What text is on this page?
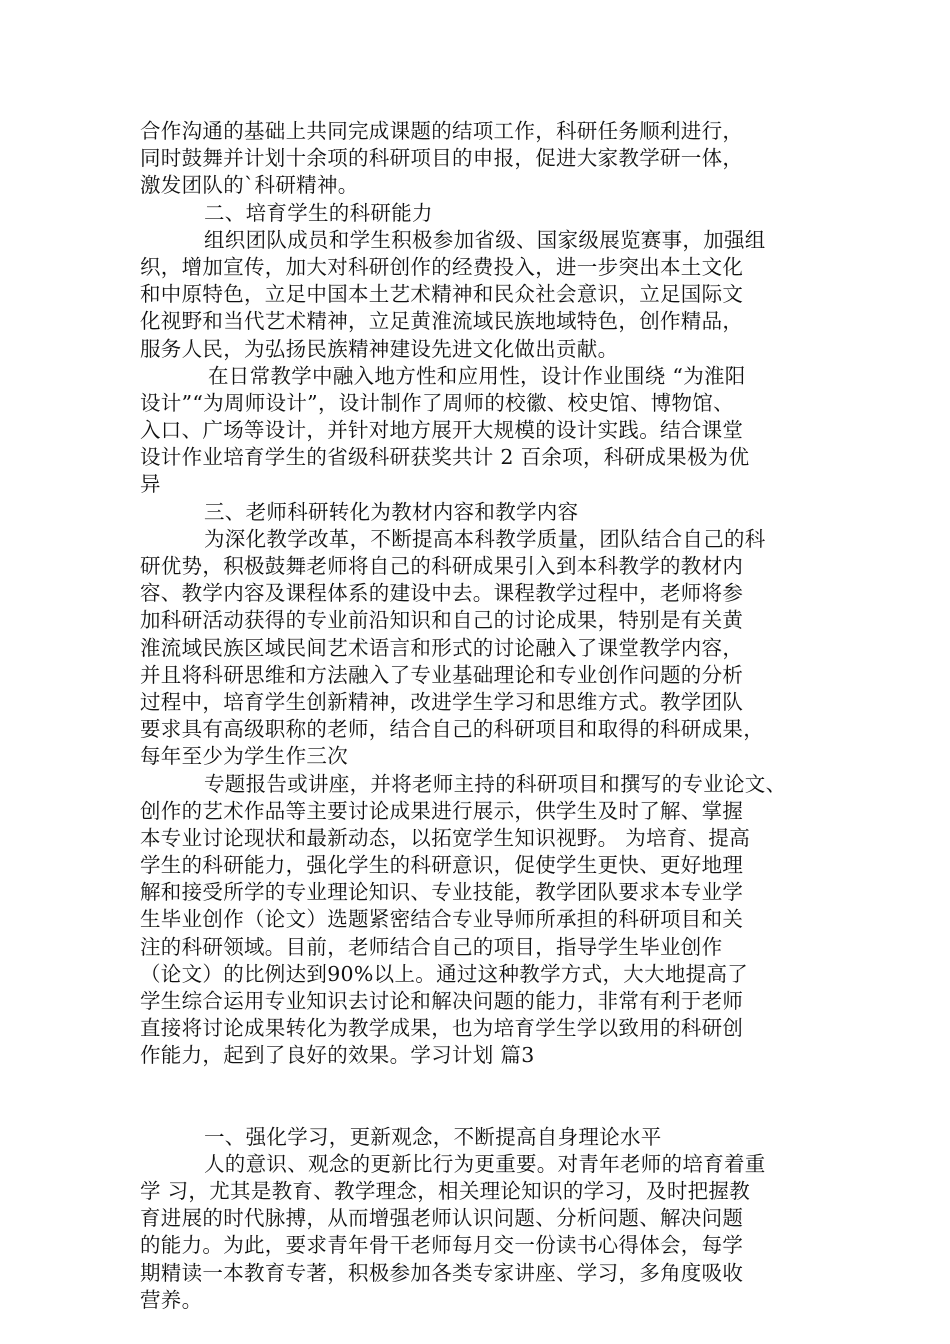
合作沟通的基础上共同完成课题的结项工作，科研任务顺利进行，
同时鼓舞并计划十余项的科研项目的申报，促进大家教学研一体，
激发团队的`科研精神。
二、培育学生的科研能力
组织团队成员和学生积极参加省级、国家级展览赛事，加强组
织，增加宣传，加大对科研创作的经费投入，进一步突出本土文化
和中原特色，立足中国本土艺术精神和民众社会意识，立足国际文
化视野和当代艺术精神，立足黄淮流域民族地域特色，创作精品，
服务人民，为弘扬民族精神建设先进文化做出贡献。
在日常教学中融入地方性和应用性，设计作业围绕 “为淮阳
设计”“为周师设计”，设计制作了周师的校徽、校史馆、博物馆、
入口、广场等设计，并针对地方展开大规模的设计实践。结合课堂
设计作业培育学生的省级科研获奖共计 2 百余项，科研成果极为优
异
三、老师科研转化为教材内容和教学内容
为深化教学改革，不断提高本科教学质量，团队结合自己的科
研优势，积极鼓舞老师将自己的科研成果引入到本科教学的教材内
容、教学内容及课程体系的建设中去。课程教学过程中，老师将参
加科研活动获得的专业前沿知识和自己的讨论成果，特别是有关黄
淮流域民族区域民间艺术语言和形式的讨论融入了课堂教学内容，
并且将科研思维和方法融入了专业基础理论和专业创作问题的分析
过程中，培育学生创新精神，改进学生学习和思维方式。教学团队
要求具有高级职称的老师，结合自己的科研项目和取得的科研成果，
每年至少为学生作三次
专题报告或讲座，并将老师主持的科研项目和撰写的专业论文、
创作的艺术作品等主要讨论成果进行展示，供学生及时了解、掌握
本专业讨论现状和最新动态，以拓宽学生知识视野。 为培育、提高
学生的科研能力，强化学生的科研意识，促使学生更快、更好地理
解和接受所学的专业理论知识、专业技能，教学团队要求本专业学
生毕业创作（论文）选题紧密结合专业导师所承担的科研项目和关
注的科研领域。目前，老师结合自己的项目，指导学生毕业创作
（论文）的比例达到90%以上。通过这种教学方式，大大地提高了
学生综合运用专业知识去讨论和解决问题的能力，非常有利于老师
直接将讨论成果转化为教学成果，也为培育学生学以致用的科研创
作能力，起到了良好的效果。学习计划 篇3
一、强化学习，更新观念，不断提高自身理论水平
人的意识、观念的更新比行为更重要。对青年老师的培育着重
学 习，尤其是教育、教学理念，相关理论知识的学习，及时把握教
育进展的时代脉搏，从而增强老师认识问题、分析问题、解决问题
的能力。为此，要求青年骨干老师每月交一份读书心得体会，每学
期精读一本教育专著，积极参加各类专家讲座、学习，多角度吸收
营养。
